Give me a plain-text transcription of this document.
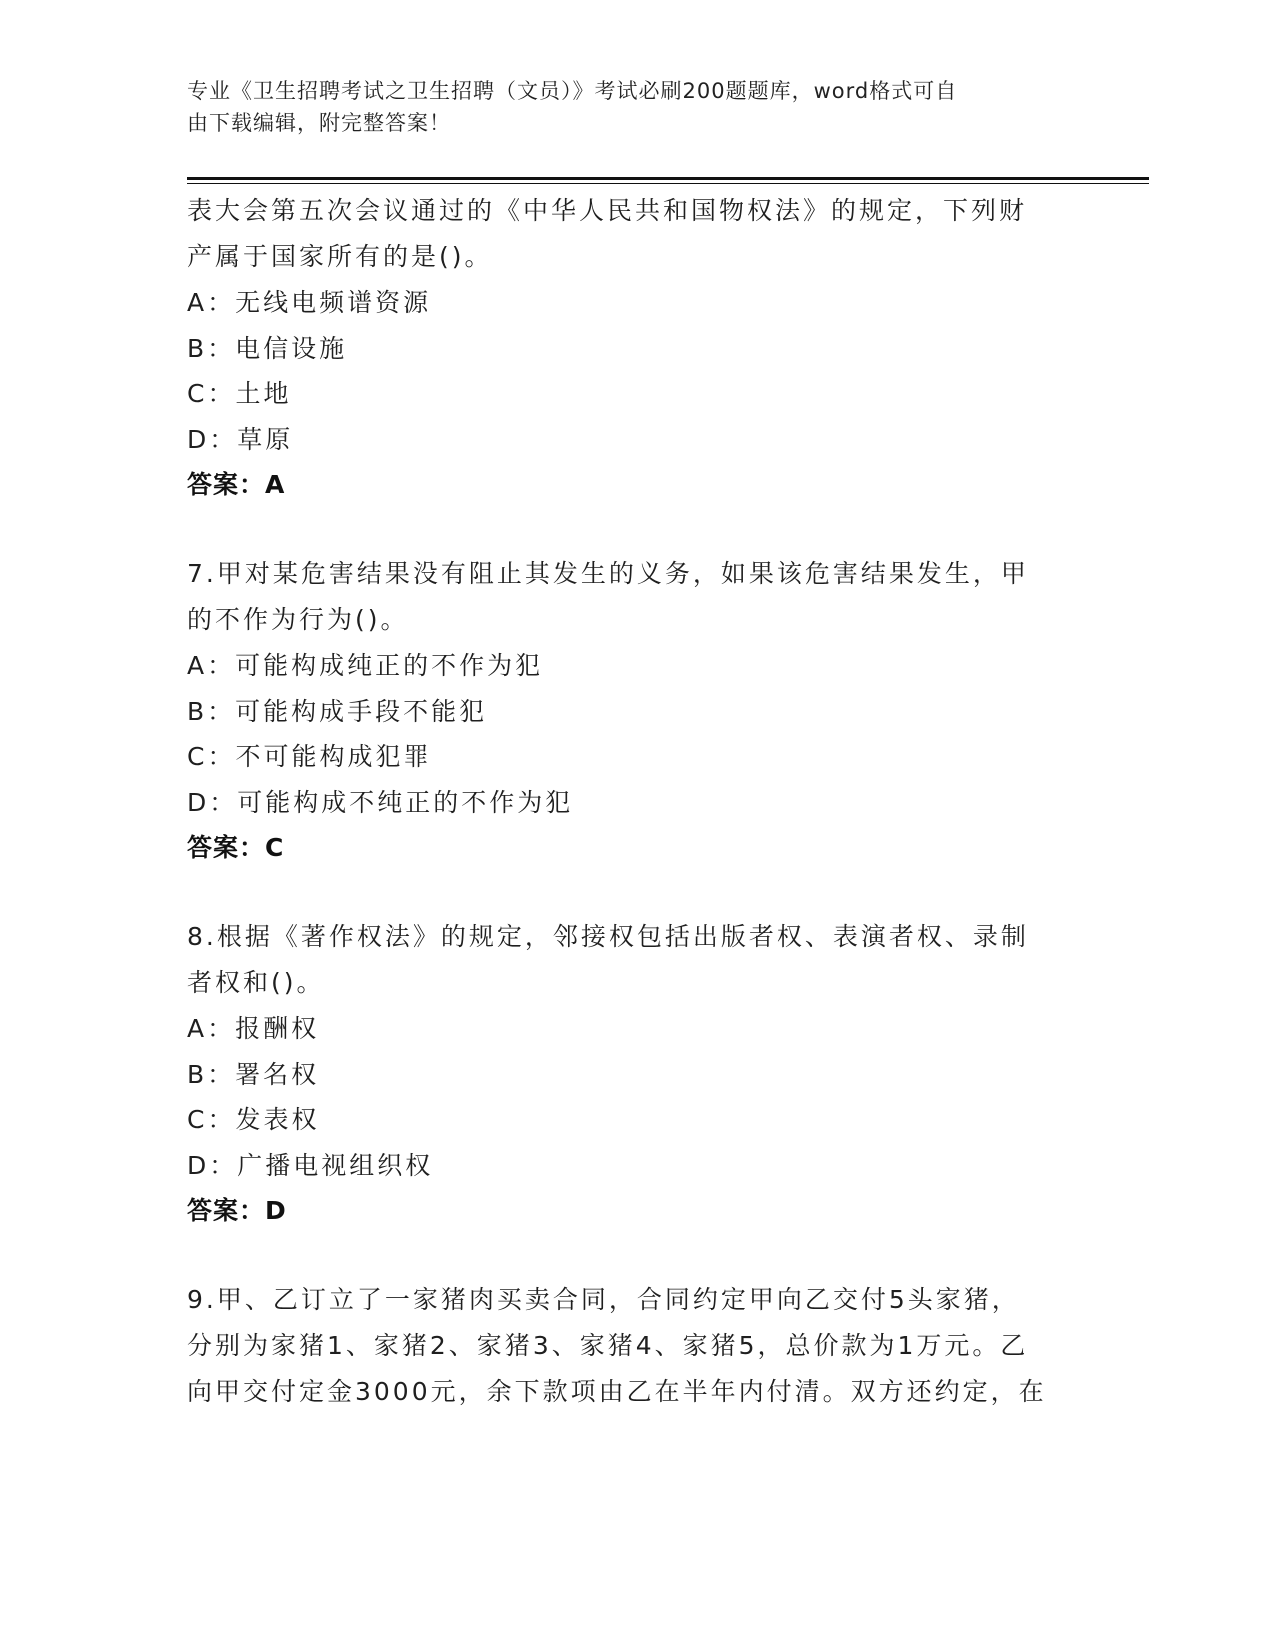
专业《卫生招聘考试之卫生招聘（文员）》考试必刷200题题库，word格式可自
由下载编辑，附完整答案！
表大会第五次会议通过的《中华人民共和国物权法》的规定，下列财
产属于国家所有的是()。
A：无线电频谱资源
B：电信设施
C：土地
D：草原
答案：A
7.甲对某危害结果没有阻止其发生的义务，如果该危害结果发生，甲
的不作为行为()。
A：可能构成纯正的不作为犯
B：可能构成手段不能犯
C：不可能构成犯罪
D：可能构成不纯正的不作为犯
答案：C
8.根据《著作权法》的规定，邻接权包括出版者权、表演者权、录制
者权和()。
A：报酬权
B：署名权
C：发表权
D：广播电视组织权
答案：D
9.甲、乙订立了一家猪肉买卖合同，合同约定甲向乙交付5头家猪，
分别为家猪1、家猪2、家猪3、家猪4、家猪5，总价款为1万元。乙
向甲交付定金3000元，余下款项由乙在半年内付清。双方还约定，在
